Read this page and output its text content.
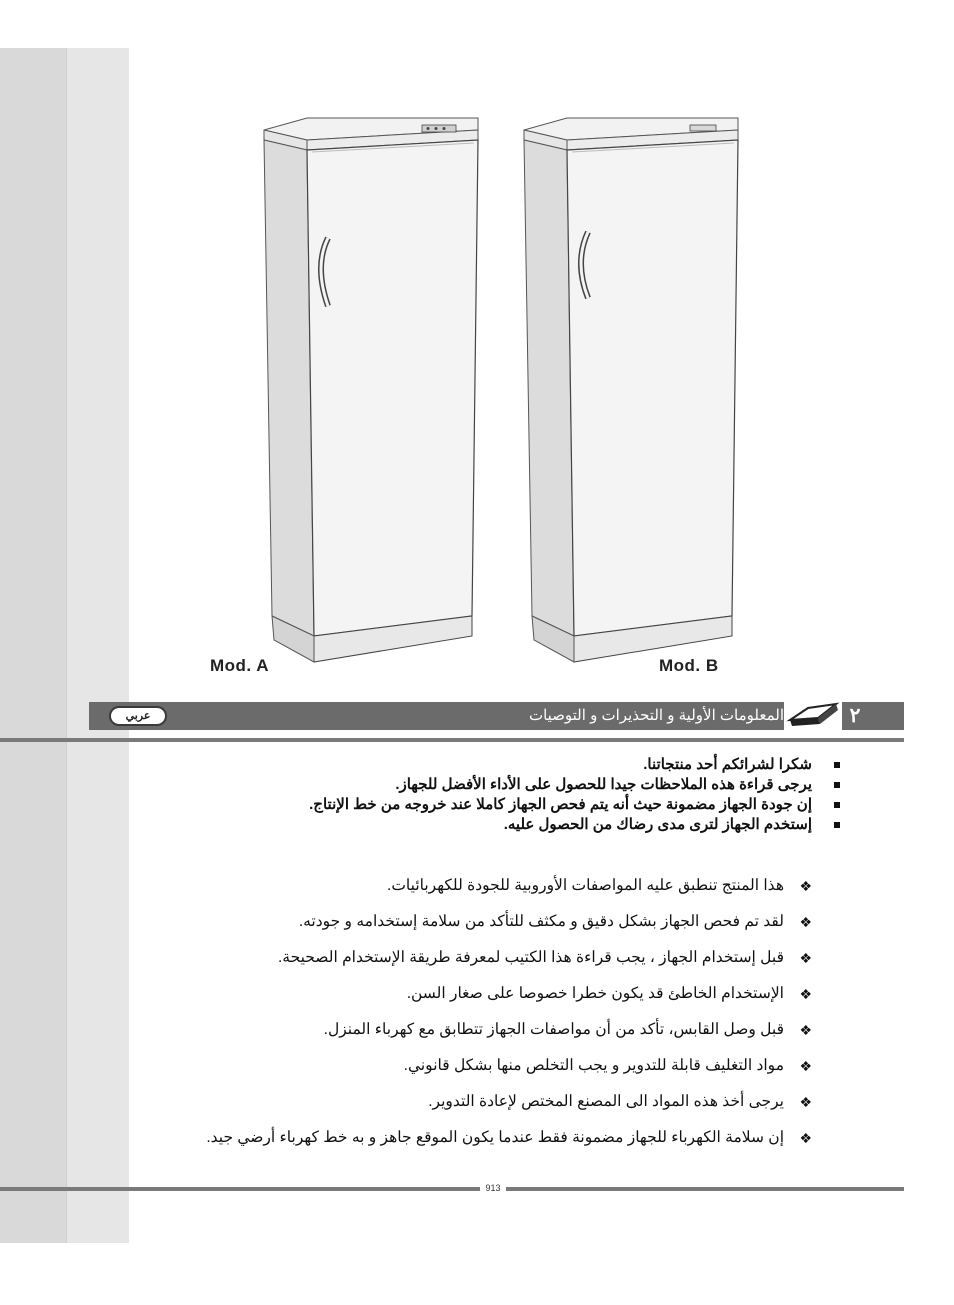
Mod. A	Mod. B
عربي	المعلومات الأولية و التحذيرات و التوصيات	٢
شكرا لشرائكم أحد منتجاتنا.
يرجى قراءة هذه الملاحظات جيدا للحصول على الأداء الأفضل للجهاز.
إن جودة الجهاز مضمونة حيث أنه يتم فحص الجهاز كاملا عند خروجه من خط الإنتاج.
إستخدم الجهاز لترى مدى رضاك من الحصول عليه.
❖
هذا المنتج تنطبق عليه المواصفات الأوروبية للجودة للكهربائيات.
❖
لقد تم فحص الجهاز بشكل دقيق و مكثف للتأكد من سلامة إستخدامه و جودته.
❖
قبل إستخدام الجهاز ، يجب قراءة هذا الكتيب لمعرفة طريقة الإستخدام الصحيحة.
❖
الإستخدام الخاطئ قد يكون خطرا خصوصا على صغار السن.
❖
قبل وصل القابس، تأكد من أن مواصفات الجهاز تتطابق مع كهرباء المنزل.
❖
مواد التغليف قابلة للتدوير و يجب التخلص منها بشكل قانوني.
❖
يرجى أخذ هذه المواد الى المصنع المختص لإعادة التدوير.
❖
إن سلامة الكهرباء للجهاز مضمونة فقط عندما يكون الموقع جاهز و به خط كهرباء أرضي جيد.
913
